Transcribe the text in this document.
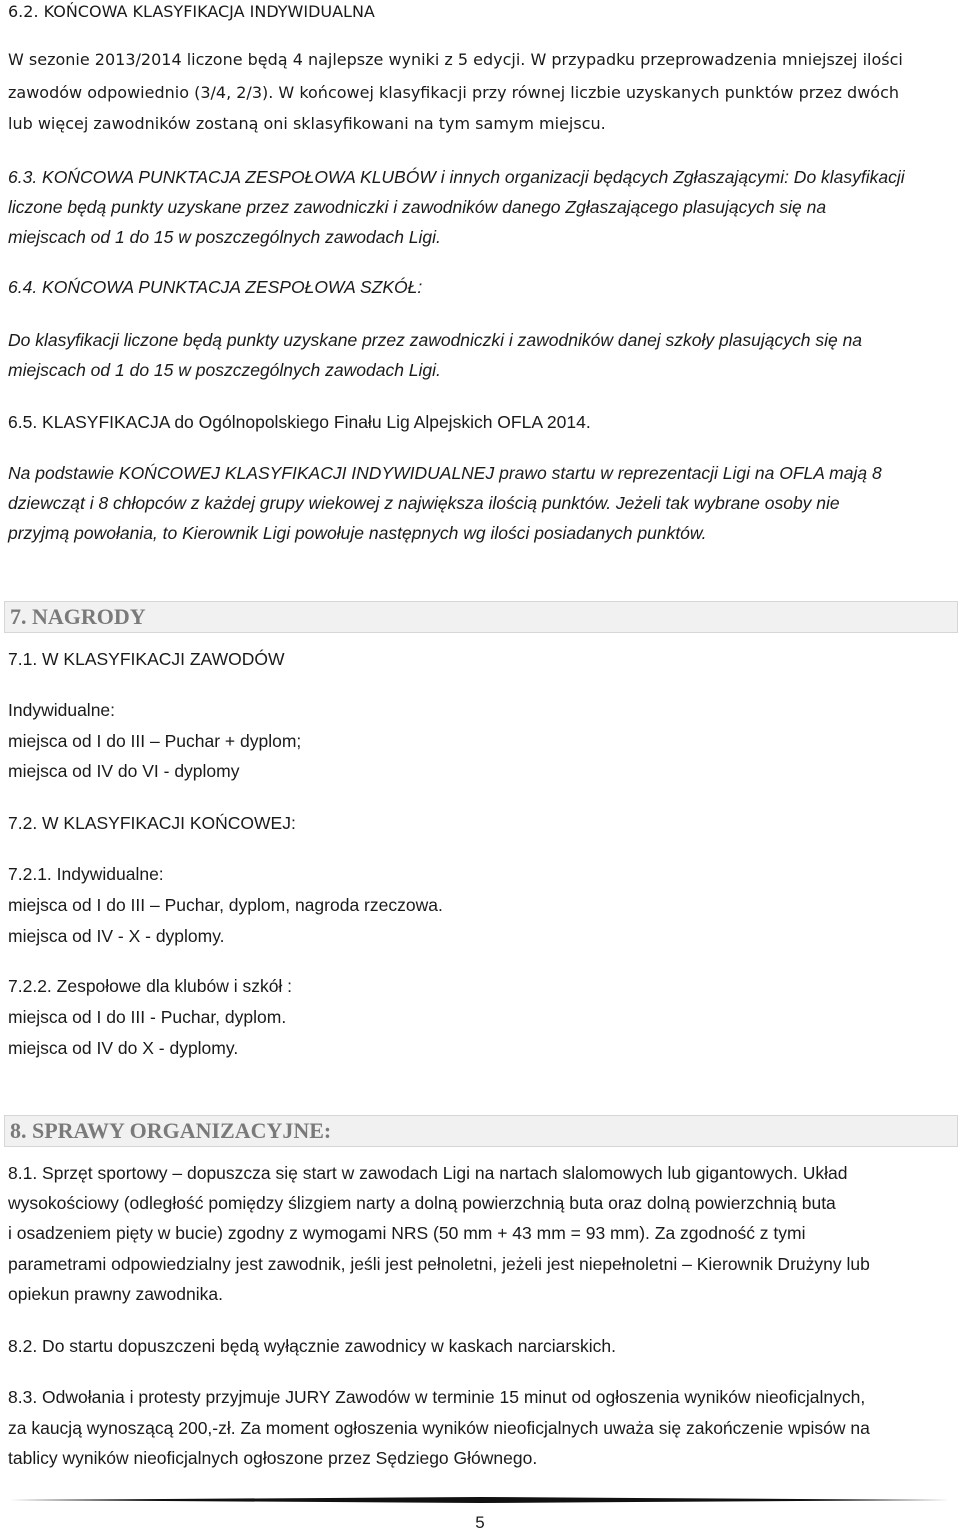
6.2. KOŃCOWA KLASYFIKACJA INDYWIDUALNA
W sezonie 2013/2014 liczone będą 4 najlepsze wyniki z 5 edycji. W przypadku przeprowadzenia mniejszej ilości
zawodów odpowiednio (3/4, 2/3). W końcowej klasyfikacji przy równej liczbie uzyskanych punktów przez dwóch
lub więcej zawodników zostaną oni sklasyfikowani na tym samym miejscu.
6.3. KOŃCOWA PUNKTACJA ZESPOŁOWA KLUBÓW i innych organizacji będących Zgłaszającymi: Do klasyfikacji
liczone będą punkty uzyskane przez zawodniczki i zawodników danego Zgłaszającego plasujących się na
miejscach od 1 do 15 w poszczególnych zawodach Ligi.
6.4. KOŃCOWA PUNKTACJA ZESPOŁOWA SZKÓŁ:
Do klasyfikacji liczone będą punkty uzyskane przez zawodniczki i zawodników danej szkoły plasujących się na
miejscach od 1 do 15 w poszczególnych zawodach Ligi.
6.5. KLASYFIKACJA do Ogólnopolskiego Finału Lig Alpejskich OFLA 2014.
Na podstawie KOŃCOWEJ KLASYFIKACJI INDYWIDUALNEJ prawo startu w reprezentacji Ligi na OFLA mają 8
dziewcząt i 8 chłopców z każdej grupy wiekowej z największa ilością punktów. Jeżeli tak wybrane osoby nie
przyjmą powołania, to Kierownik Ligi powołuje następnych wg ilości posiadanych punktów.
7. NAGRODY
7.1. W KLASYFIKACJI ZAWODÓW
Indywidualne:
miejsca od I do III – Puchar + dyplom;
miejsca od IV do VI - dyplomy
7.2. W KLASYFIKACJI KOŃCOWEJ:
7.2.1. Indywidualne:
miejsca od I do III – Puchar, dyplom, nagroda rzeczowa.
miejsca od IV - X - dyplomy.
7.2.2. Zespołowe dla klubów i szkół :
miejsca od I do III - Puchar, dyplom.
miejsca od IV do X - dyplomy.
8. SPRAWY ORGANIZACYJNE:
8.1. Sprzęt sportowy – dopuszcza się start w zawodach Ligi na nartach slalomowych lub gigantowych. Układ
wysokościowy (odległość pomiędzy ślizgiem narty a dolną powierzchnią buta oraz dolną powierzchnią buta
i osadzeniem pięty w bucie) zgodny z wymogami NRS (50 mm + 43 mm = 93 mm). Za zgodność z tymi
parametrami odpowiedzialny jest zawodnik, jeśli jest pełnoletni, jeżeli jest niepełnoletni – Kierownik Drużyny lub
opiekun prawny zawodnika.
8.2. Do startu dopuszczeni będą wyłącznie zawodnicy w kaskach narciarskich.
8.3. Odwołania i protesty przyjmuje JURY Zawodów w terminie 15 minut od ogłoszenia wyników nieoficjalnych,
za kaucją wynoszącą 200,-zł. Za moment ogłoszenia wyników nieoficjalnych uważa się zakończenie wpisów na
tablicy wyników nieoficjalnych ogłoszone przez Sędziego Głównego.
5
